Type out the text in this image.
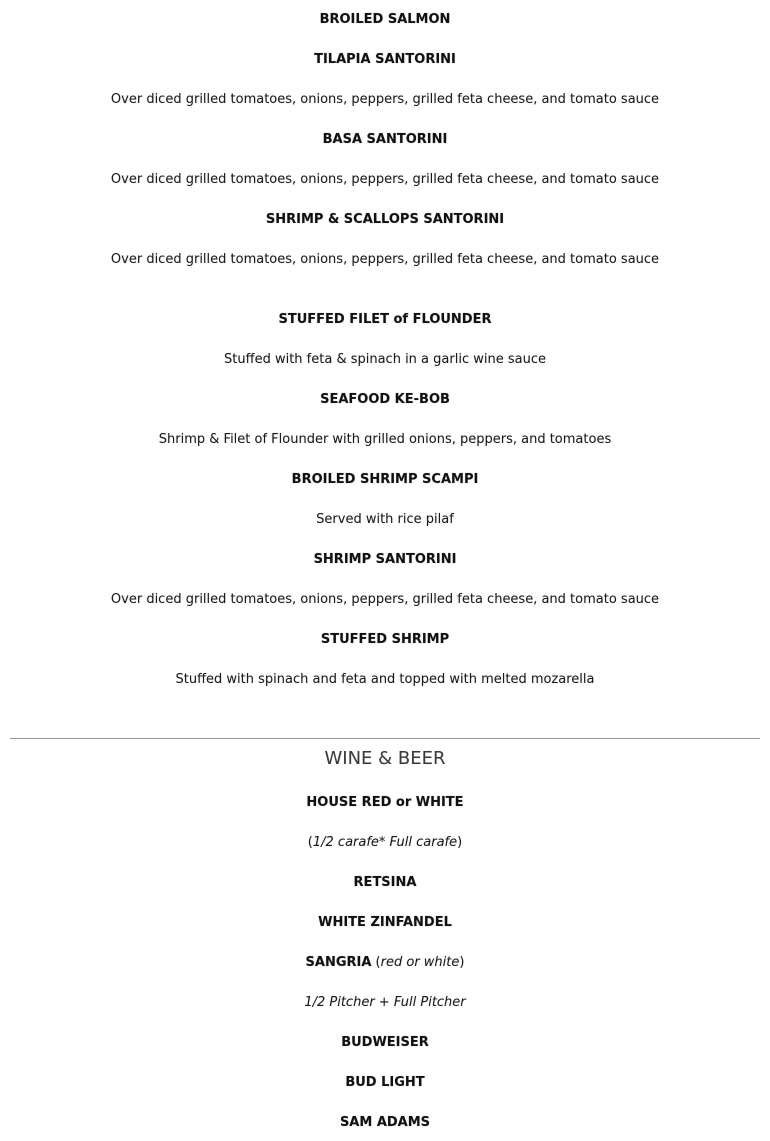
BROILED SALMON
TILAPIA SANTORINI
Over diced grilled tomatoes, onions, peppers, grilled feta cheese, and tomato sauce
BASA SANTORINI
Over diced grilled tomatoes, onions, peppers, grilled feta cheese, and tomato sauce
SHRIMP & SCALLOPS SANTORINI
Over diced grilled tomatoes, onions, peppers, grilled feta cheese, and tomato sauce
STUFFED FILET of FLOUNDER
Stuffed with feta & spinach in a garlic wine sauce
SEAFOOD KE-BOB
Shrimp & Filet of Flounder with grilled onions, peppers, and tomatoes
BROILED SHRIMP SCAMPI
Served with rice pilaf
SHRIMP SANTORINI
Over diced grilled tomatoes, onions, peppers, grilled feta cheese, and tomato sauce
STUFFED SHRIMP
Stuffed with spinach and feta and topped with melted mozarella
WINE & BEER
HOUSE RED or WHITE
(1/2 carafe* Full carafe)
RETSINA
WHITE ZINFANDEL
SANGRIA (red or white)
1/2 Pitcher + Full Pitcher
BUDWEISER
BUD LIGHT
SAM ADAMS
